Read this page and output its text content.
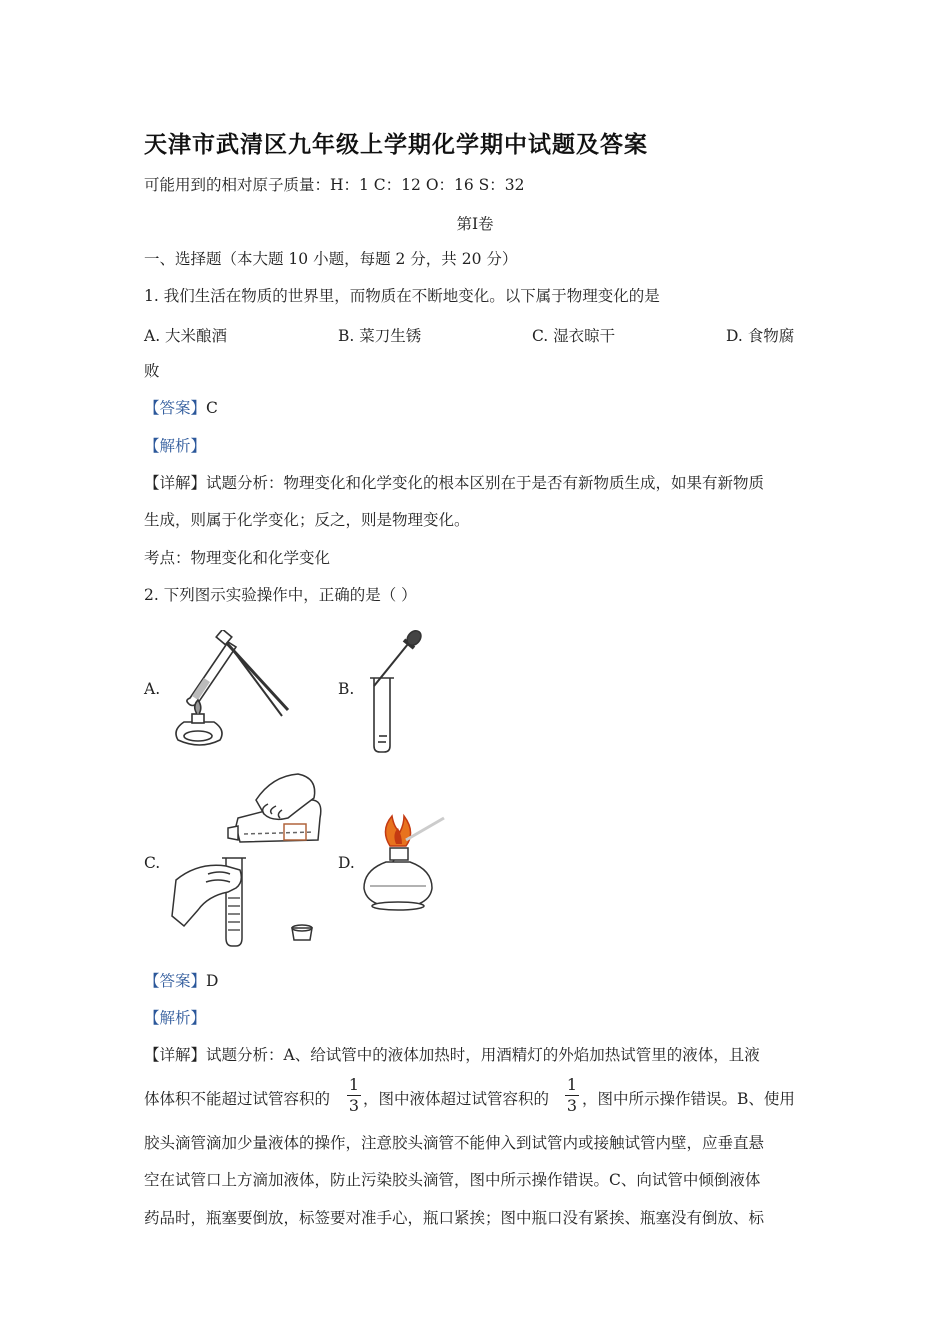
天津市武清区九年级上学期化学期中试题及答案
可能用到的相对原子质量：H：1 C：12 O：16 S：32
第Ⅰ卷
一、选择题（本大题 10 小题，每题 2 分，共 20 分）
1. 我们生活在物质的世界里，而物质在不断地变化。以下属于物理变化的是
A. 大米酿酒	B. 菜刀生锈	C. 湿衣晾干	D. 食物腐
败
【答案】C
【解析】
【详解】试题分析：物理变化和化学变化的根本区别在于是否有新物质生成，如果有新物质
生成，则属于化学变化；反之，则是物理变化。
考点：物理变化和化学变化
2. 下列图示实验操作中，正确的是（ ）
A.	B.
C.	D.
【答案】D
【解析】
【详解】试题分析：A、给试管中的液体加热时，用酒精灯的外焰加热试管里的液体，且液
体体积不能超过试管容积的
1
3 ，图中液体超过试管容积的
1
3 ，图中所示操作错误。B、使用
胶头滴管滴加少量液体的操作，注意胶头滴管不能伸入到试管内或接触试管内壁，应垂直悬
空在试管口上方滴加液体，防止污染胶头滴管，图中所示操作错误。C、向试管中倾倒液体
药品时，瓶塞要倒放，标签要对准手心，瓶口紧挨；图中瓶口没有紧挨、瓶塞没有倒放、标
